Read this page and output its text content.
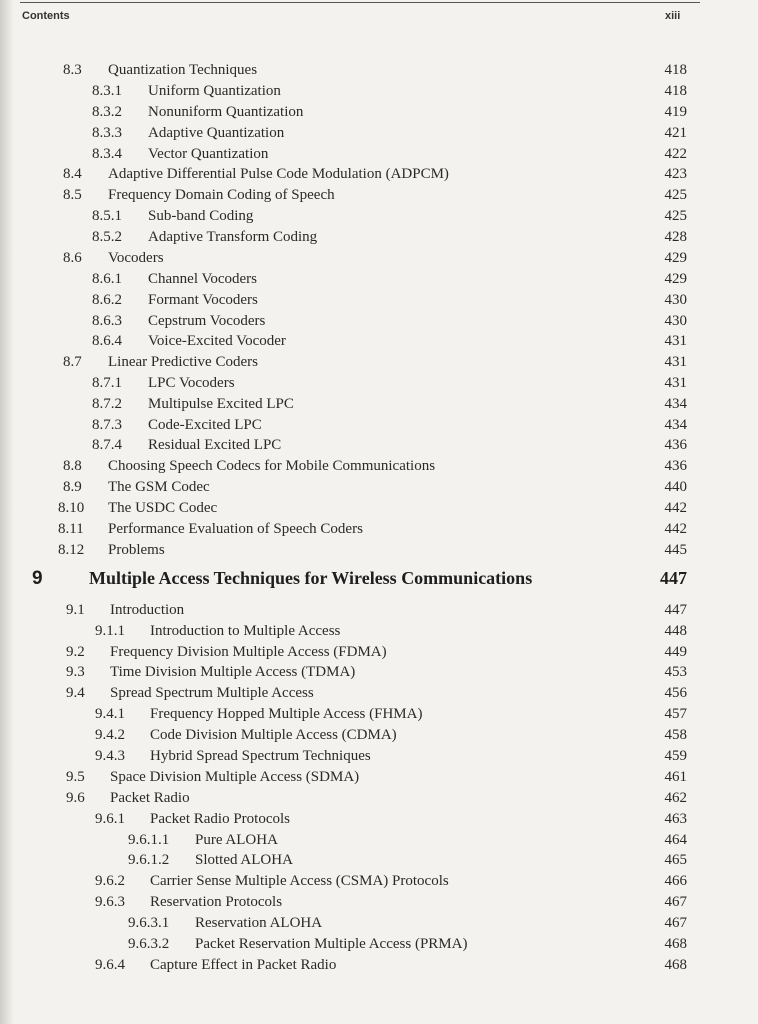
Contents	xiii
8.3 Quantization Techniques	418
8.3.1 Uniform Quantization	418
8.3.2 Nonuniform Quantization	419
8.3.3 Adaptive Quantization	421
8.3.4 Vector Quantization	422
8.4 Adaptive Differential Pulse Code Modulation (ADPCM)	423
8.5 Frequency Domain Coding of Speech	425
8.5.1 Sub-band Coding	425
8.5.2 Adaptive Transform Coding	428
8.6 Vocoders	429
8.6.1 Channel Vocoders	429
8.6.2 Formant Vocoders	430
8.6.3 Cepstrum Vocoders	430
8.6.4 Voice-Excited Vocoder	431
8.7 Linear Predictive Coders	431
8.7.1 LPC Vocoders	431
8.7.2 Multipulse Excited LPC	434
8.7.3 Code-Excited LPC	434
8.7.4 Residual Excited LPC	436
8.8 Choosing Speech Codecs for Mobile Communications	436
8.9 The GSM Codec	440
8.10 The USDC Codec	442
8.11 Performance Evaluation of Speech Coders	442
8.12 Problems	445
9	Multiple Access Techniques for Wireless Communications	447
9.1 Introduction	447
9.1.1 Introduction to Multiple Access	448
9.2 Frequency Division Multiple Access (FDMA)	449
9.3 Time Division Multiple Access (TDMA)	453
9.4 Spread Spectrum Multiple Access	456
9.4.1 Frequency Hopped Multiple Access (FHMA)	457
9.4.2 Code Division Multiple Access (CDMA)	458
9.4.3 Hybrid Spread Spectrum Techniques	459
9.5 Space Division Multiple Access (SDMA)	461
9.6 Packet Radio	462
9.6.1 Packet Radio Protocols	463
9.6.1.1 Pure ALOHA	464
9.6.1.2 Slotted ALOHA	465
9.6.2 Carrier Sense Multiple Access (CSMA) Protocols	466
9.6.3 Reservation Protocols	467
9.6.3.1 Reservation ALOHA	467
9.6.3.2 Packet Reservation Multiple Access (PRMA)	468
9.6.4 Capture Effect in Packet Radio	468
